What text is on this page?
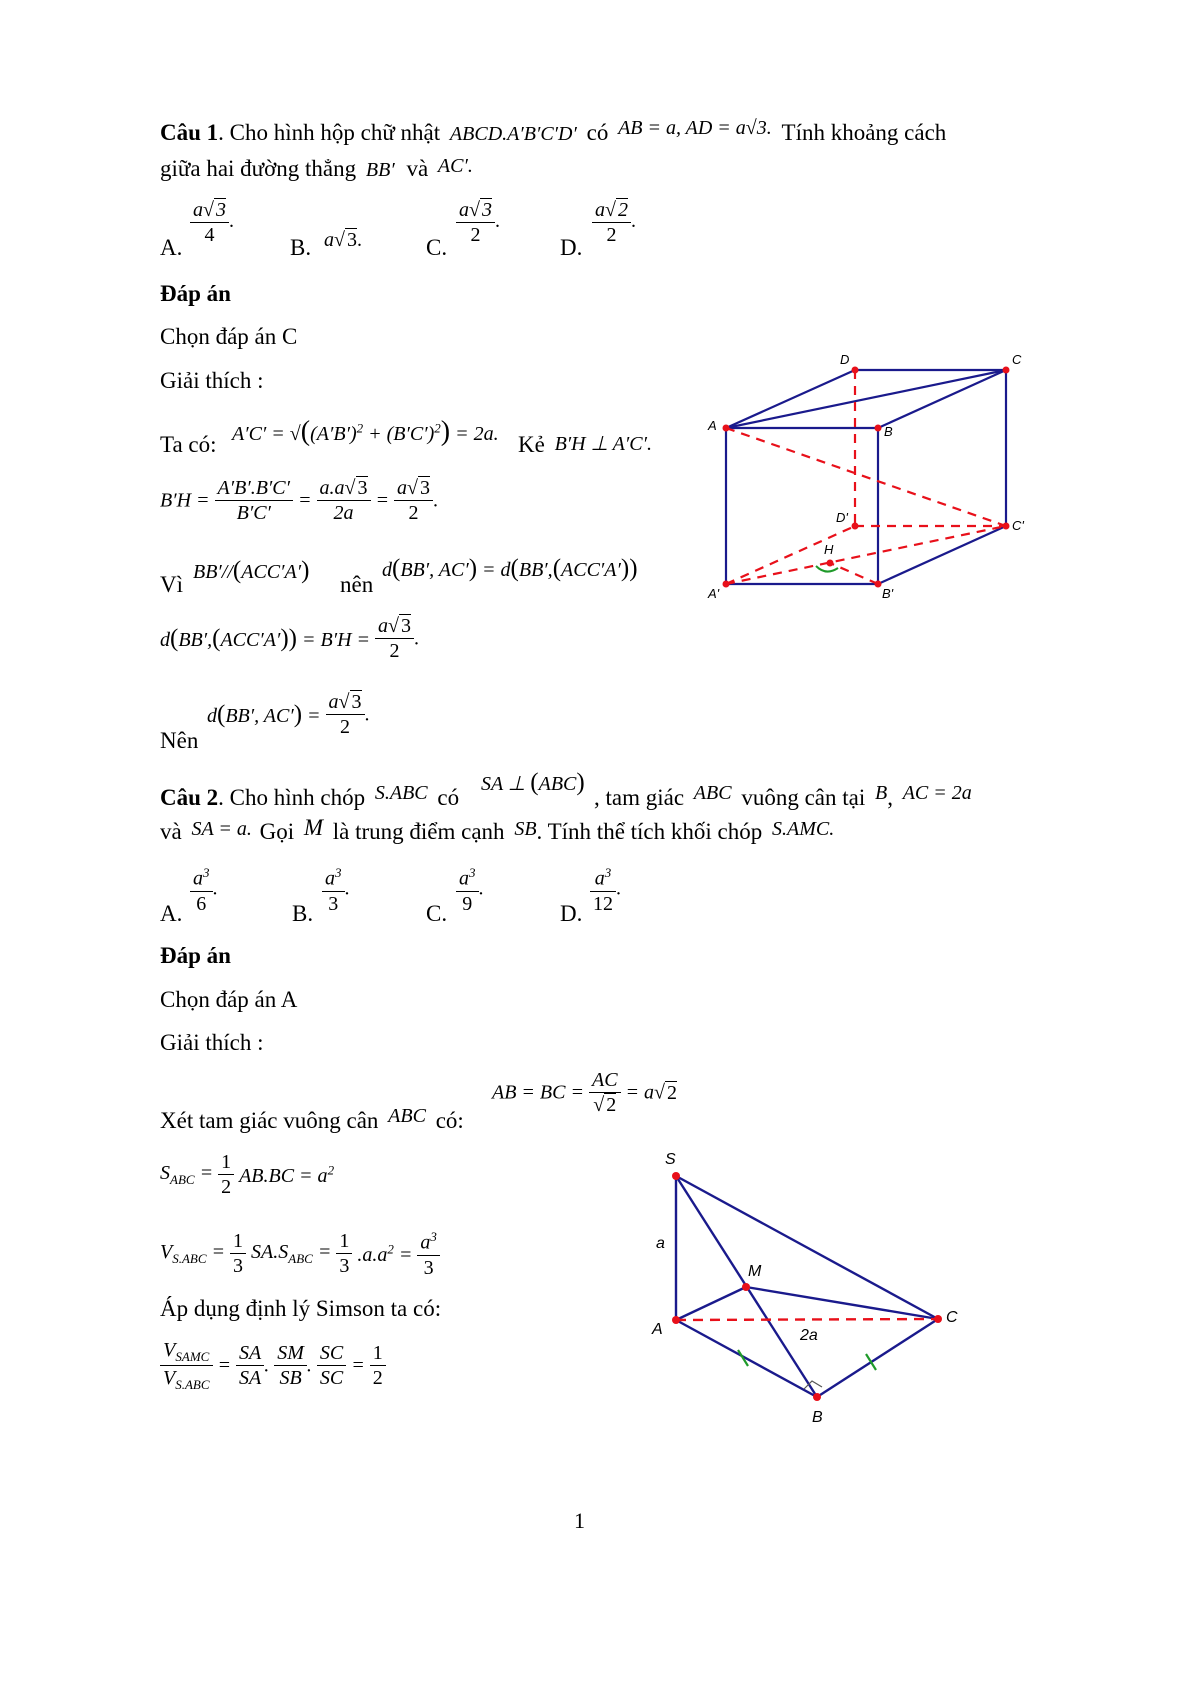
Câu 1. Cho hình hộp chữ nhật ABCD.A′B′C′D′ có AB = a, AD = a√3. Tính khoảng cách
giữa hai đường thẳng BB′ và AC′.
A.
$\frac{a√ 3}{4}$ .
B. a√ 3.	C.
$\frac{a√ 3}{2}$ .
D.
$\frac{a√ 2}{2}$ .
Đáp án
Chọn đáp án C
Giải thích :
Ta có: $A'C' = √((A'B')^2 + (B'C')^2) = 2a$. Kẻ B′H ⊥ A′C′.
$B'H = \frac{A'B'.B'C'}{B'C'} = \frac{a.a√ 3}{2a} = \frac{a√ 3}{2}$ .
Vì BB′//(ACC′A′)
nên
d(BB′, AC′) = d(BB′,(ACC′A′))
$d(BB',(ACC'A')) = B'H = \frac{a√ 3}{2}$ .
Nên
d(BB′, $AC') = \frac{a√ 3}{2}$ .
D	C
A	B
D'
C'
H
A'	B'
Câu 2. Cho hình chóp S.ABC có
SA ⊥ (ABC)
, tam giác ABC vuông cân tại B, AC = 2a
và SA = a. Gọi M là trung điểm cạnh SB. Tính thể tích khối chóp S.AMC.
A. $\frac{a^3}{6}$ .
B. $\frac{a^3}{3}$ .
C. $\frac{a^3}{9}$ .
D. $\frac{a^3}{12}$ .
Đáp án
Chọn đáp án A
Giải thích :
Xét tam giác vuông cân ABC có:
AB = BC = $\frac{AC}{√ 2} = a√$ 2
$S_{ABC} = \frac{1}{2} AB.BC = a^2$
$V_{S.ABC} = \frac{1}{3} SA.S_{ABC} = \frac{1}{3} .a.a^2 = \frac{a^3}{3}$
Áp dụng định lý Simson ta có:
$\frac{V_{SAMC}}{V_{S.ABC}} = \frac{SA}{SA}$ . $\frac{SM}{SB}$ . $\frac{SC}{SC} = \frac{1}{2}$
S
a
M
A	2a
C
B
1
